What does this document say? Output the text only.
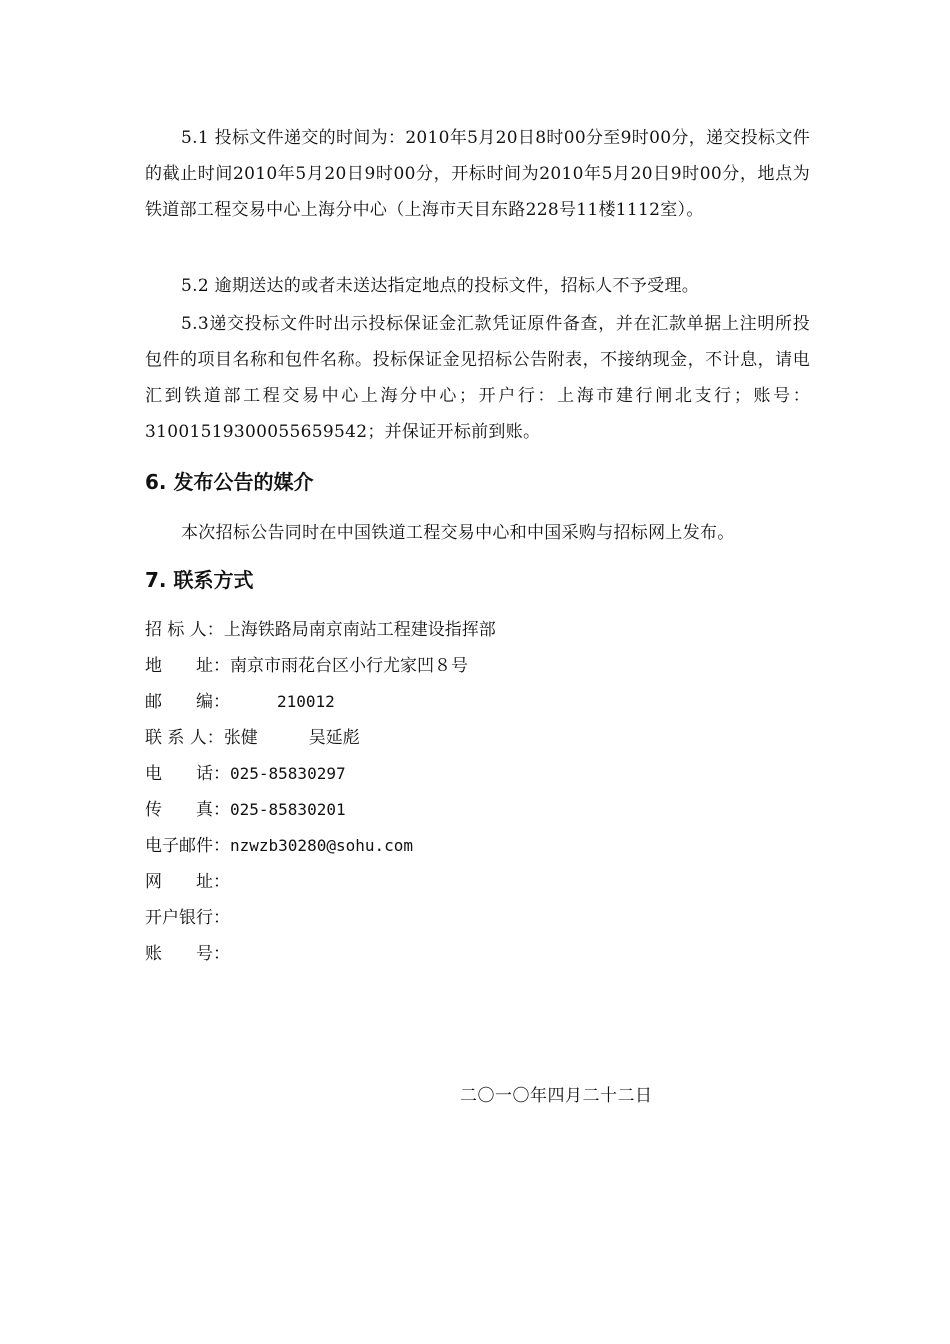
5.1 投标文件递交的时间为：2010年5月20日8时00分至9时00分，递交投标文件的截止时间2010年5月20日9时00分，开标时间为2010年5月20日9时00分，地点为铁道部工程交易中心上海分中心（上海市天目东路228号11楼1112室）。
5.2 逾期送达的或者未送达指定地点的投标文件，招标人不予受理。
5.3递交投标文件时出示投标保证金汇款凭证原件备查，并在汇款单据上注明所投包件的项目名称和包件名称。投标保证金见招标公告附表，不接纳现金，不计息，请电汇到铁道部工程交易中心上海分中心；开户行：上海市建行闸北支行；账号：31001519300055659542；并保证开标前到账。
6. 发布公告的媒介
本次招标公告同时在中国铁道工程交易中心和中国采购与招标网上发布。
7. 联系方式
招 标 人：上海铁路局南京南站工程建设指挥部
地　　址：南京市雨花台区小行尤家凹８号
邮　　编：	210012
联 系 人：张健　　　吴延彪
电　　话：025-85830297
传　　真：025-85830201
电子邮件：nzwzb30280@sohu.com
网　　址：
开户银行：
账　　号：
二〇一〇年四月二十二日
